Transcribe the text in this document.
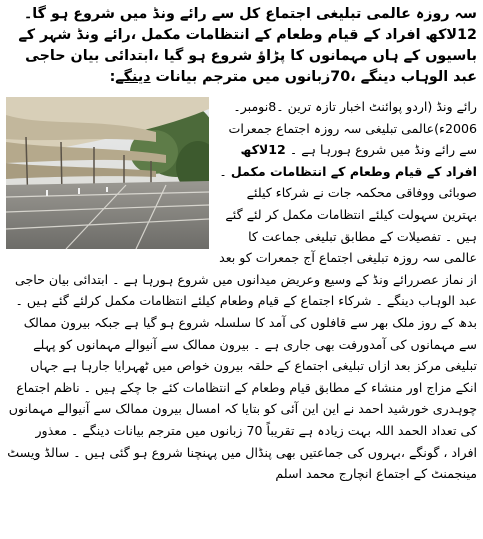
سہ روزہ عالمی تبلیغی اجتماع کل سے رائے ونڈ میں شروع ہو گا۔12لاکھ افراد کے قیام وطعام کے انتظامات مکمل ،رائے ونڈ شہر کے باسیوں کے ہاں مہمانوں کا پڑاؤ شروع ہو گیا ،ابتدائی بیان حاجی عبد الوہاب دینگے ،70زبانوں میں مترجم بیانات دینگے:

رائے ونڈ (اردو پوائنٹ اخبار تازہ ترین ۔8نومبر۔2006ء)عالمی تبلیغی سہ روزہ اجتماع جمعرات سے رائے ونڈ میں شروع ہورہا ہے ۔ 12لاکھ افراد کے قیام وطعام کے انتظامات مکمل ۔ صوبائی ووفاقی محکمہ جات نے شرکاء کیلئے بہترین سہولت کیلئے انتظامات مکمل کر لئے گئے ہیں ۔ تفصیلات کے مطابق تبلیغی جماعت کا عالمی سہ روزہ تبلیغی اجتماع آج جمعرات کو بعد از نماز عصررائے ونڈ کے وسیع وعریض میدانوں میں شروع ہورہا ہے ۔ ابتدائی بیان حاجی عبد الوہاب دینگے ۔ شرکاء اجتماع کے قیام وطعام کیلئے انتظامات مکمل کرلئے گئے ہیں ۔ بدھ کے روز ملک بھر سے قافلوں کی آمد کا سلسلہ شروع ہو گیا ہے جبکہ بیرون ممالک سے مہمانوں کی آمدورفت بھی جاری ہے ۔ بیرون ممالک سے آنیوالے مہمانوں کو پہلے تبلیغی مرکز بعد ازاں تبلیغی اجتماع کے حلقہ بیرون خواص میں ٹھہرایا جارہا ہے جہاں انکے مزاج اور منشاء کے مطابق قیام وطعام کے انتظامات کئے جا چکے ہیں ۔ ناظم اجتماع چوہدری خورشید احمد نے این این آئی کو بتایا کہ امسال بیرون ممالک سے آنیوالے مہمانوں کی تعداد الحمد اللہ بہت زیادہ ہے تقریباً 70 زبانوں میں مترجم بیانات دینگے ۔ معذور افراد ، گونگے ،بہروں کی جماعتیں بھی پنڈال میں پہنچنا شروع ہو گئی ہیں ۔ سالڈ ویسٹ مینجمنٹ کے اجتماع انچارج محمد اسلم
